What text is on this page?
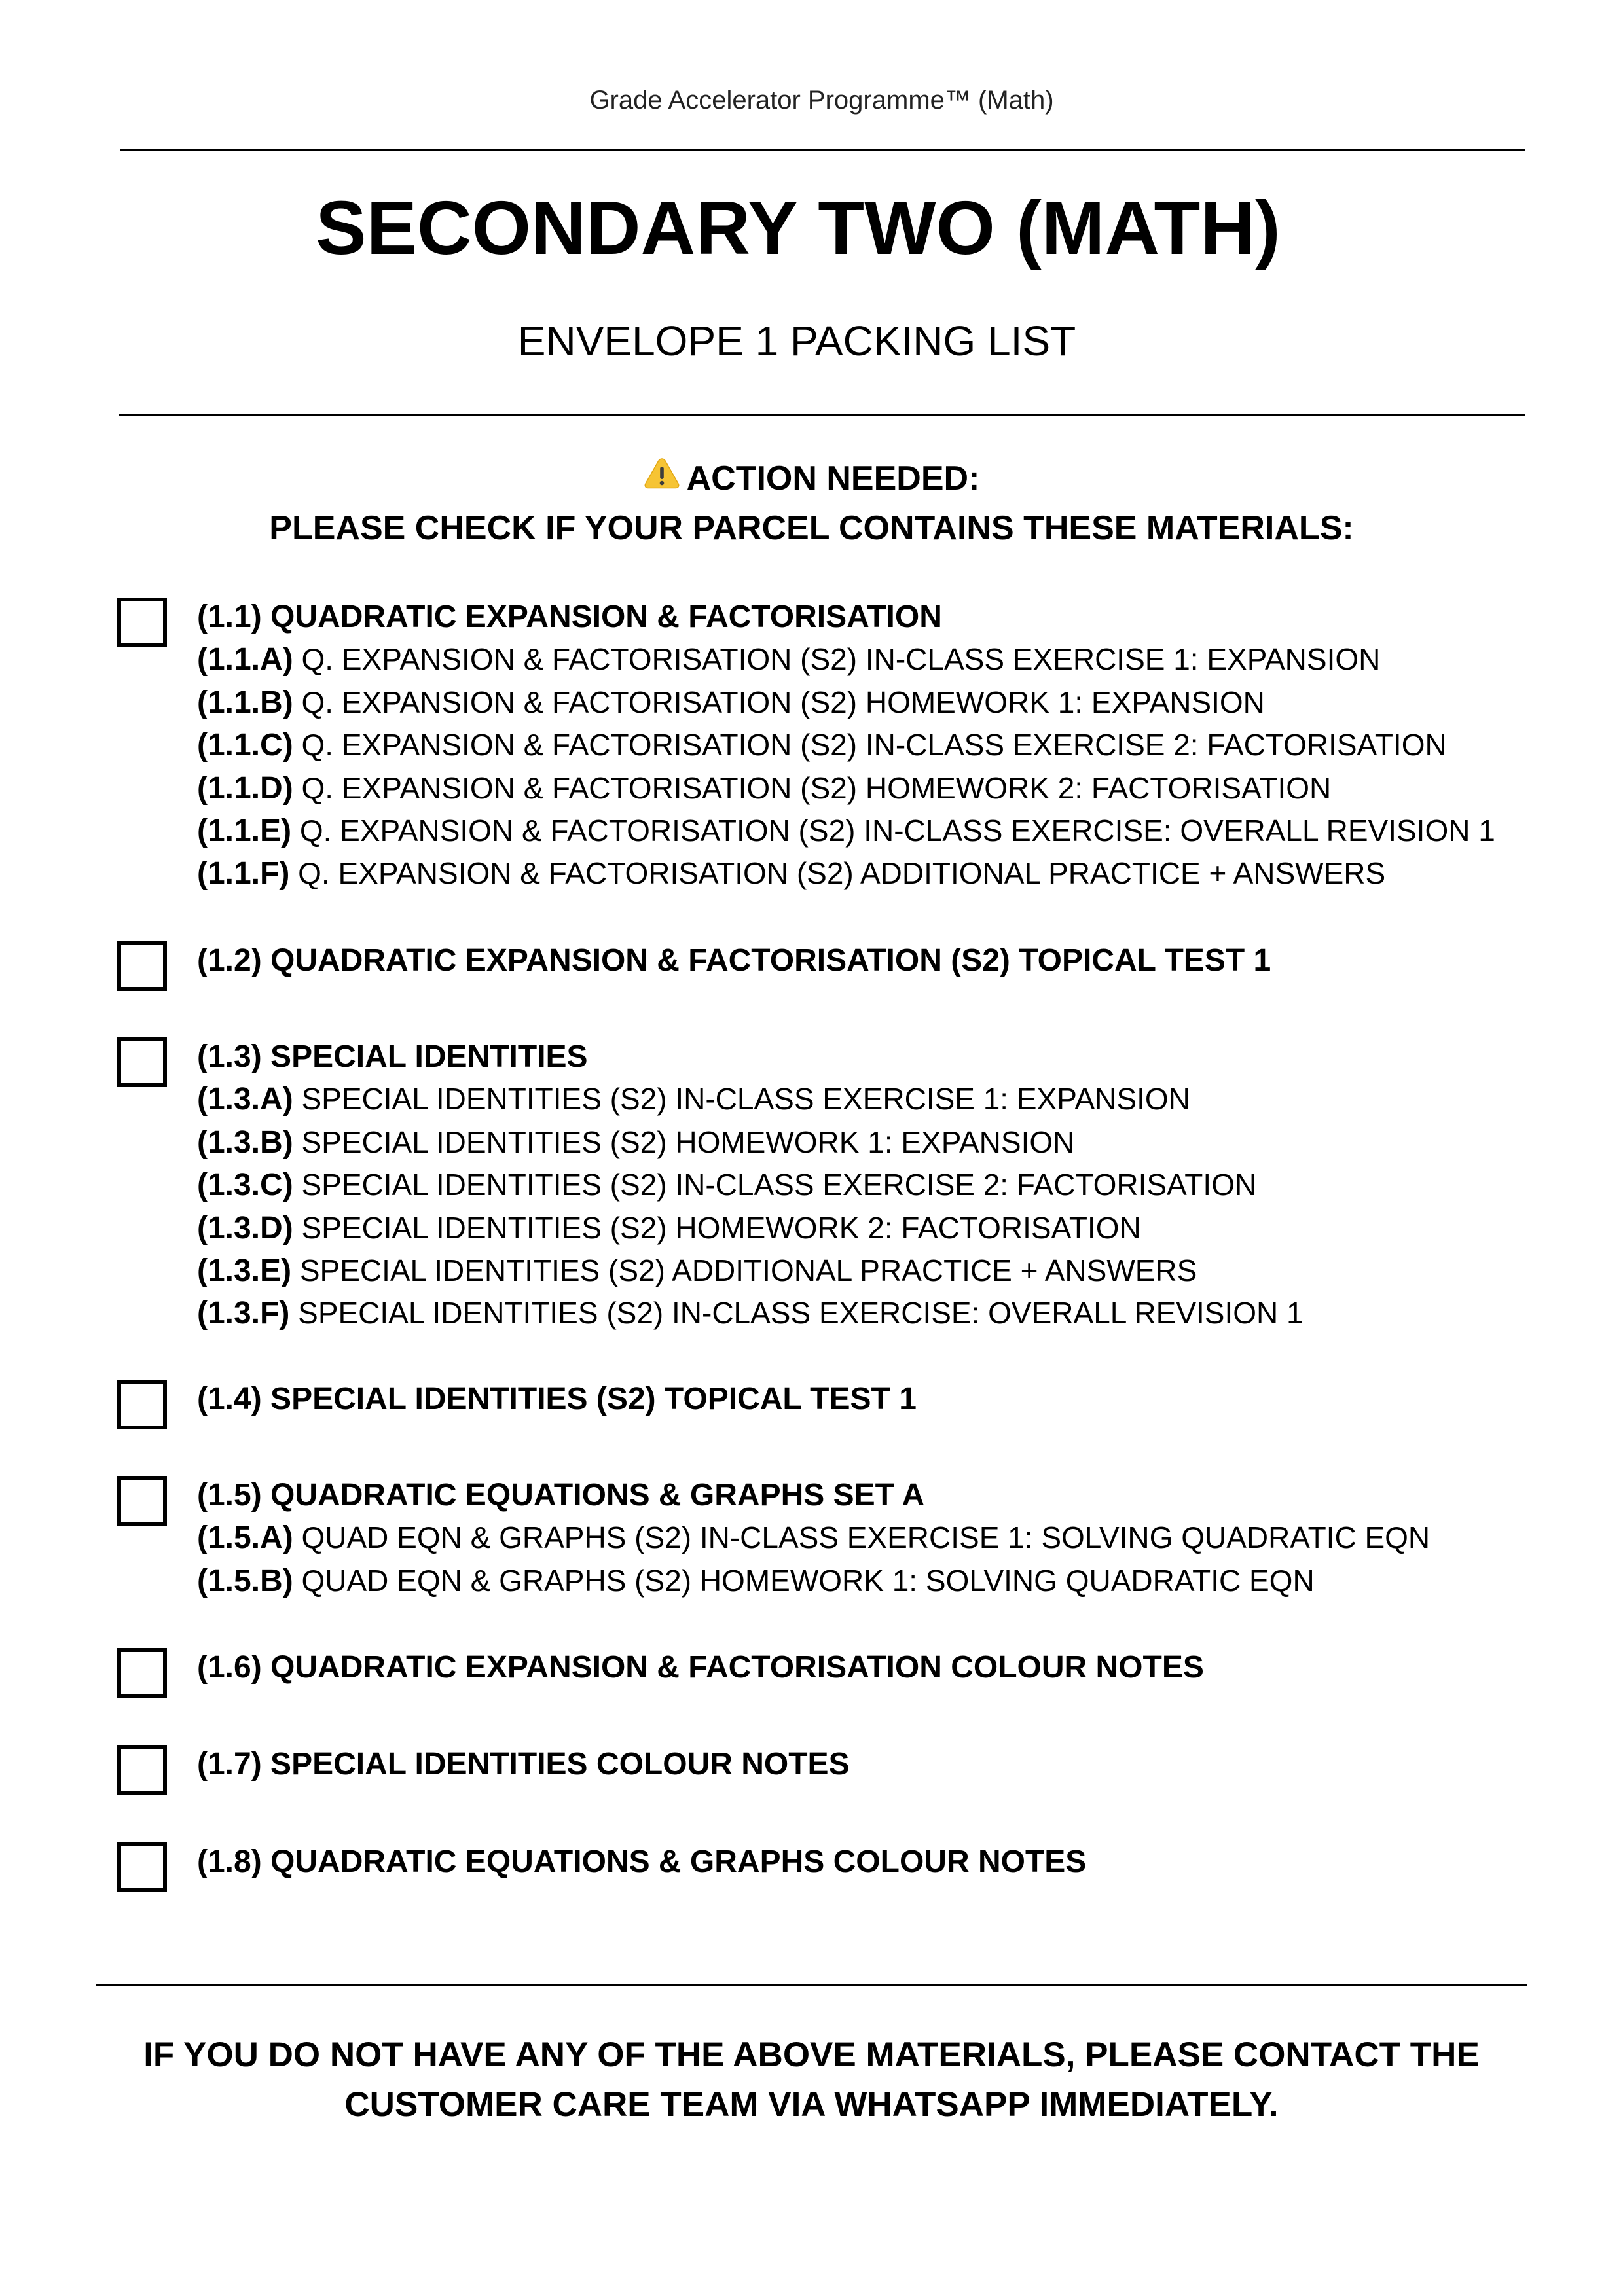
Grade Accelerator Programme™ (Math)
SECONDARY TWO (MATH)
ENVELOPE 1 PACKING LIST
ACTION NEEDED:
PLEASE CHECK IF YOUR PARCEL CONTAINS THESE MATERIALS:
(1.1) QUADRATIC EXPANSION & FACTORISATION
(1.1.A) Q. EXPANSION & FACTORISATION (S2) IN-CLASS EXERCISE 1: EXPANSION
(1.1.B) Q. EXPANSION & FACTORISATION (S2) HOMEWORK 1: EXPANSION
(1.1.C) Q. EXPANSION & FACTORISATION (S2) IN-CLASS EXERCISE 2: FACTORISATION
(1.1.D) Q. EXPANSION & FACTORISATION (S2) HOMEWORK 2: FACTORISATION
(1.1.E) Q. EXPANSION & FACTORISATION (S2) IN-CLASS EXERCISE: OVERALL REVISION 1
(1.1.F) Q. EXPANSION & FACTORISATION (S2) ADDITIONAL PRACTICE + ANSWERS
(1.2) QUADRATIC EXPANSION & FACTORISATION (S2) TOPICAL TEST 1
(1.3) SPECIAL IDENTITIES
(1.3.A) SPECIAL IDENTITIES (S2) IN-CLASS EXERCISE 1: EXPANSION
(1.3.B) SPECIAL IDENTITIES (S2) HOMEWORK 1: EXPANSION
(1.3.C) SPECIAL IDENTITIES (S2) IN-CLASS EXERCISE 2: FACTORISATION
(1.3.D) SPECIAL IDENTITIES (S2) HOMEWORK 2: FACTORISATION
(1.3.E) SPECIAL IDENTITIES (S2) ADDITIONAL PRACTICE + ANSWERS
(1.3.F) SPECIAL IDENTITIES (S2) IN-CLASS EXERCISE: OVERALL REVISION 1
(1.4) SPECIAL IDENTITIES (S2) TOPICAL TEST 1
(1.5) QUADRATIC EQUATIONS & GRAPHS SET A
(1.5.A) QUAD EQN & GRAPHS (S2) IN-CLASS EXERCISE 1: SOLVING QUADRATIC EQN
(1.5.B) QUAD EQN & GRAPHS (S2) HOMEWORK 1: SOLVING QUADRATIC EQN
(1.6) QUADRATIC EXPANSION & FACTORISATION COLOUR NOTES
(1.7) SPECIAL IDENTITIES COLOUR NOTES
(1.8) QUADRATIC EQUATIONS & GRAPHS COLOUR NOTES
IF YOU DO NOT HAVE ANY OF THE ABOVE MATERIALS, PLEASE CONTACT THE
CUSTOMER CARE TEAM VIA WHATSAPP IMMEDIATELY.
